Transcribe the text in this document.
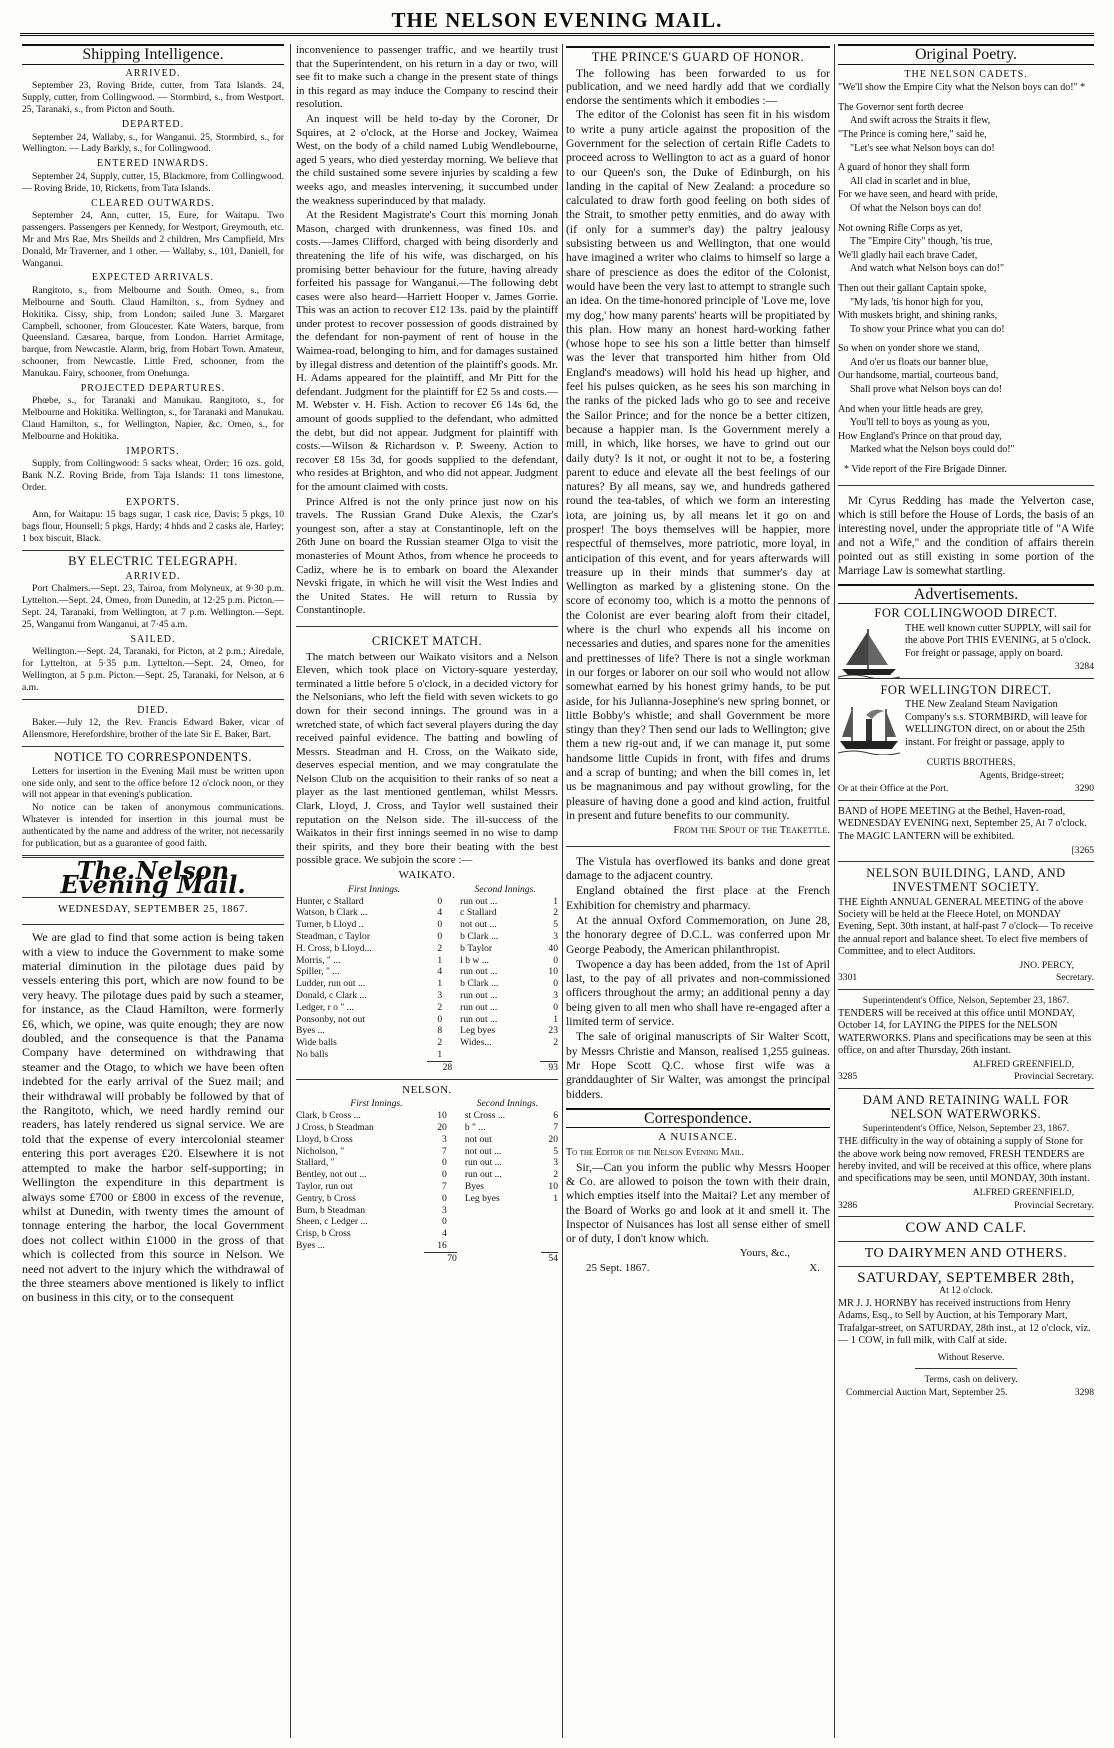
THE NELSON EVENING MAIL.
Shipping Intelligence.
ARRIVED.

September 23, Roving Bride, cutter, from Tata Islands. 24, Supply, cutter, from Collingwood. — Stormbird, s., from Westport. 25, Taranaki, s., from Picton and South.

DEPARTED.

September 24, Wallaby, s., for Wanganui. 25, Stormbird, s., for Wellington. — Lady Barkly, s., for Collingwood.

ENTERED INWARDS.

September 24, Supply, cutter, 15, Blackmore, from Collingwood. — Roving Bride, 10, Ricketts, from Tata Islands.

CLEARED OUTWARDS.

September 24, Ann, cutter, 15, Eure, for Waitapu. Two passengers. Passengers per Kennedy, for Westport, Greymouth, etc. Mr and Mrs Rae, Mrs Sheilds and 2 children, Mrs Campfield, Mrs Donald, Mr Traverner, and 1 other. — Wallaby, s., 101, Daniell, for Wanganui.

EXPECTED ARRIVALS.

Rangitoto, s., from Melbourne and South. Omeo, s., from Melbourne and South. Claud Hamilton, s., from Sydney and Hokitika. Cissy, ship, from London; sailed June 3. Margaret Campbell, schooner, from Gloucester. Kate Waters, barque, from Queensland. Cæsarea, barque, from London. Harriet Armitage, barque, from Newcastle. Alarm, brig, from Hobart Town. Amateur, schooner, from Newcastle. Little Fred, schooner, from the Manukau. Fairy, schooner, from Onehunga.

PROJECTED DEPARTURES.

Phœbe, s., for Taranaki and Manukau. Rangitoto, s., for Melbourne and Hokitika. Wellington, s., for Taranaki and Manukau. Claud Hamilton, s., for Wellington, Napier, &c. Omeo, s., for Melbourne and Hokitika.

IMPORTS.

Supply, from Collingwood: 5 sacks wheat, Order; 16 ozs. gold, Bank N.Z. Roving Bride, from Taja Islands: 11 tons limestone, Order.

EXPORTS.

Ann, for Waitapu: 15 bags sugar, 1 cask rice, Davis; 5 pkgs, 10 bags flour, Hounsell; 5 pkgs, Hardy; 4 hhds and 2 casks ale, Harley; 1 box biscuit, Black.

BY ELECTRIC TELEGRAPH.
ARRIVED.

Port Chalmers.—Sept. 23, Tairoa, from Molyneux, at 9·30 p.m. Lyttelton.—Sept. 24, Omeo, from Dunedin, at 12·25 p.m. Picton.—Sept. 24, Taranaki, from Wellington, at 7 p.m. Wellington.—Sept. 25, Wanganui from Wanganui, at 7·45 a.m.

SAILED.

Wellington.—Sept. 24, Taranaki, for Picton, at 2 p.m.; Airedale, for Lyttelton, at 5·35 p.m. Lyttelton.—Sept. 24, Omeo, for Wellington, at 5 p.m. Picton.—Sept. 25, Taranaki, for Nelson, at 6 a.m.

DIED.

Baker.—July 12, the Rev. Francis Edward Baker, vicar of Allensmore, Herefordshire, brother of the late Sir E. Baker, Bart.

NOTICE TO CORRESPONDENTS.

Letters for insertion in the Evening Mail must be written upon one side only, and sent to the office before 12 o'clock noon, or they will not appear in that evening's publication.

No notice can be taken of anonymous communications. Whatever is intended for insertion in this journal must be authenticated by the name and address of the writer, not necessarily for publication, but as a guarantee of good faith.

The Nelson Evening Mail.
WEDNESDAY, SEPTEMBER 25, 1867.

We are glad to find that some action is being taken with a view to induce the Government to make some material diminution in the pilotage dues paid by vessels entering this port, which are now found to be very heavy. The pilotage dues paid by such a steamer, for instance, as the Claud Hamilton, were formerly £6, which, we opine, was quite enough; they are now doubled, and the consequence is that the Panama Company have determined on withdrawing that steamer and the Otago, to which we have been often indebted for the early arrival of the Suez mail; and their withdrawal will probably be followed by that of the Rangitoto, which, we need hardly remind our readers, has lately rendered us signal service. We are told that the expense of every intercolonial steamer entering this port averages £20. Elsewhere it is not attempted to make the harbor self-supporting; in Wellington the expenditure in this department is always some £700 or £800 in excess of the revenue, whilst at Dunedin, with twenty times the amount of tonnage entering the harbor, the local Government does not collect within £1000 in the gross of that which is collected from this source in Nelson. We need not advert to the injury which the withdrawal of the three steamers above mentioned is likely to inflict on business in this city, or to the consequent

inconvenience to passenger traffic, and we heartily trust that the Superintendent, on his return in a day or two, will see fit to make such a change in the present state of things in this regard as may induce the Company to rescind their resolution.

An inquest will be held to-day by the Coroner, Dr Squires, at 2 o'clock, at the Horse and Jockey, Waimea West, on the body of a child named Lubig Wendlebourne, aged 5 years, who died yesterday morning. We believe that the child sustained some severe injuries by scalding a few weeks ago, and measles intervening, it succumbed under the weakness superinduced by that malady.

At the Resident Magistrate's Court this morning Jonah Mason, charged with drunkenness, was fined 10s. and costs.—James Clifford, charged with being disorderly and threatening the life of his wife, was discharged, on his promising better behaviour for the future, having already forfeited his passage for Wanganui.—The following debt cases were also heard—Harriett Hooper v. James Gorrie. This was an action to recover £12 13s. paid by the plaintiff under protest to recover possession of goods distrained by the defendant for non-payment of rent of house in the Waimea-road, belonging to him, and for damages sustained by illegal distress and detention of the plaintiff's goods. Mr. H. Adams appeared for the plaintiff, and Mr Pitt for the defendant. Judgment for the plaintiff for £2 5s and costs.—M. Webster v. H. Fish. Action to recover £6 14s 6d, the amount of goods supplied to the defendant, who admitted the debt, but did not appear. Judgment for plaintiff with costs.—Wilson & Richardson v. P. Sweeny. Action to recover £8 15s 3d, for goods supplied to the defendant, who resides at Brighton, and who did not appear. Judgment for the amount claimed with costs.

Prince Alfred is not the only prince just now on his travels. The Russian Grand Duke Alexis, the Czar's youngest son, after a stay at Constantinople, left on the 26th June on board the Russian steamer Olga to visit the monasteries of Mount Athos, from whence he proceeds to Cadiz, where he is to embark on board the Alexander Nevski frigate, in which he will visit the West Indies and the United States. He will return to Russia by Constantinople.

CRICKET MATCH.

The match between our Waikato visitors and a Nelson Eleven, which took place on Victory-square yesterday, terminated a little before 5 o'clock, in a decided victory for the Nelsonians, who left the field with seven wickets to go down for their second innings. The ground was in a wretched state, of which fact several players during the day received painful evidence. The batting and bowling of Messrs. Steadman and H. Cross, on the Waikato side, deserves especial mention, and we may congratulate the Nelson Club on the acquisition to their ranks of so neat a player as the last mentioned gentleman, whilst Messrs. Clark, Lloyd, J. Cross, and Taylor well sustained their reputation on the Nelson side. The ill-success of the Waikatos in their first innings seemed in no wise to damp their spirits, and they bore their beating with the best possible grace. We subjoin the score :—

WAIKATO.
First Innings.		Second Innings.	
Hunter, c Stallard	0	run out ...	1
Watson, b Clark ...	4	c Stallard	2
Turner, b Lloyd ..	0	not out ...	5
Steadman, c Taylor	0	b Clark ...	3
H. Cross, b Lloyd...	2	b Taylor	40
Morris, " ...	1	l b w ...	0
Spiller, " ...	4	run out ...	10
Ludder, run out ...	1	b Clark ...	0
Donald, c Clark ...	3	run out ...	3
Ledger, r o " ...	2	run out ...	0
Ponsonby, not out	0	run out ...	1
Byes ...	8	Leg byes	23
Wide balls	2	Wides...	2
No balls	1		
	28		93
NELSON.
First Innings.		Second Innings.	
Clark, b Cross ...	10	st Cross ...	6
J Cross, b Steadman	20	b " ...	7
Lloyd, b Cross	3	not out	20
Nicholson, "	7	not out ...	5
Stallard, "	0	run out ...	3
Bentley, not out ...	0	run out ...	2
Taylor, run out	7	Byes	10
Gentry, b Cross	0	Leg byes	1
Burn, b Steadman	3		
Sheen, c Ledger ...	0		
Crisp, b Cross	4		
Byes ...	16		
	70		54
THE PRINCE'S GUARD OF HONOR.

The following has been forwarded to us for publication, and we need hardly add that we cordially endorse the sentiments which it embodies :—

The editor of the Colonist has seen fit in his wisdom to write a puny article against the proposition of the Government for the selection of certain Rifle Cadets to proceed across to Wellington to act as a guard of honor to our Queen's son, the Duke of Edinburgh, on his landing in the capital of New Zealand: a procedure so calculated to draw forth good feeling on both sides of the Strait, to smother petty enmities, and do away with (if only for a summer's day) the paltry jealousy subsisting between us and Wellington, that one would have imagined a writer who claims to himself so large a share of prescience as does the editor of the Colonist, would have been the very last to attempt to strangle such an idea. On the time-honored principle of 'Love me, love my dog,' how many parents' hearts will be propitiated by this plan. How many an honest hard-working father (whose hope to see his son a little better than himself was the lever that transported him hither from Old England's meadows) will hold his head up higher, and feel his pulses quicken, as he sees his son marching in the ranks of the picked lads who go to see and receive the Sailor Prince; and for the nonce be a better citizen, because a happier man. Is the Government merely a mill, in which, like horses, we have to grind out our daily duty? Is it not, or ought it not to be, a fostering parent to educe and elevate all the best feelings of our natures? By all means, say we, and hundreds gathered round the tea-tables, of which we form an interesting iota, are joining us, by all means let it go on and prosper! The boys themselves will be happier, more respectful of themselves, more patriotic, more loyal, in anticipation of this event, and for years afterwards will treasure up in their minds that summer's day at Wellington as marked by a glistening stone. On the score of economy too, which is a motto the pennons of the Colonist are ever bearing aloft from their citadel, where is the churl who expends all his income on necessaries and duties, and spares none for the amenities and prettinesses of life? There is not a single workman in our forges or laborer on our soil who would not allow somewhat earned by his honest grimy hands, to be put aside, for his Julianna-Josephine's new spring bonnet, or little Bobby's whistle; and shall Government be more stingy than they? Then send our lads to Wellington; give them a new rig-out and, if we can manage it, put some handsome little Cupids in front, with fifes and drums and a scrap of bunting; and when the bill comes in, let us be magnanimous and pay without growling, for the pleasure of having done a good and kind action, fruitful in present and future benefits to our community.

From the Spout of the Teakettle.

The Vistula has overflowed its banks and done great damage to the adjacent country.

England obtained the first place at the French Exhibition for chemistry and pharmacy.

At the annual Oxford Commemoration, on June 28, the honorary degree of D.C.L. was conferred upon Mr George Peabody, the American philanthropist.

Twopence a day has been added, from the 1st of April last, to the pay of all privates and non-commissioned officers throughout the army; an additional penny a day being given to all men who shall have re-engaged after a limited term of service.

The sale of original manuscripts of Sir Walter Scott, by Messrs Christie and Manson, realised 1,255 guineas. Mr Hope Scott Q.C. whose first wife was a granddaughter of Sir Walter, was amongst the principal bidders.

Correspondence.
A NUISANCE.

To the Editor of the Nelson Evening Mail.

Sir,—Can you inform the public why Messrs Hooper & Co. are allowed to poison the town with their drain, which empties itself into the Maitai? Let any member of the Board of Works go and look at it and smell it. The Inspector of Nuisances has lost all sense either of smell or of duty, I don't know which.

Yours, &c.,

25 Sept. 1867.	X.
Original Poetry.
THE NELSON CADETS.

"We'll show the Empire City what the Nelson boys can do!" *

The Governor sent forth decree

And swift across the Straits it flew,

"The Prince is coming here," said he,

"Let's see what Nelson boys can do!

A guard of honor they shall form

All clad in scarlet and in blue,

For we have seen, and heard with pride,

Of what the Nelson boys can do!

Not owning Rifle Corps as yet,

The "Empire City" though, 'tis true,

We'll gladly hail each brave Cadet,

And watch what Nelson boys can do!"

Then out their gallant Captain spoke,

"My lads, 'tis honor high for you,

With muskets bright, and shining ranks,

To show your Prince what you can do!

So when on yonder shore we stand,

And o'er us floats our banner blue,

Our handsome, martial, courteous band,

Shall prove what Nelson boys can do!

And when your little heads are grey,

You'll tell to boys as young as you,

How England's Prince on that proud day,

Marked what the Nelson boys could do!"

* Vide report of the Fire Brigade Dinner.

Mr Cyrus Redding has made the Yelverton case, which is still before the House of Lords, the basis of an interesting novel, under the appropriate title of "A Wife and not a Wife," and the condition of affairs therein pointed out as still existing in some portion of the Marriage Law is somewhat startling.

Advertisements.
FOR COLLINGWOOD DIRECT.

THE well known cutter SUPPLY, will sail for the above Port THIS EVENING, at 5 o'clock. For freight or passage, apply on board.

3284

FOR WELLINGTON DIRECT.

THE New Zealand Steam Navigation Company's s.s. STORMBIRD, will leave for WELLINGTON direct, on or about the 25th instant. For freight or passage, apply to

CURTIS BROTHERS,

Agents, Bridge-street;

Or at their Office at the Port.	3290

BAND of HOPE MEETING at the Bethel, Haven-road, WEDNESDAY EVENING next, September 25, At 7 o'clock. The MAGIC LANTERN will be exhibited.

[3265

NELSON BUILDING, LAND, AND INVESTMENT SOCIETY.

THE Eighth ANNUAL GENERAL MEETING of the above Society will be held at the Fleece Hotel, on MONDAY Evening, Sept. 30th instant, at half-past 7 o'clock— To receive the annual report and balance sheet. To elect five members of Committee, and to elect Auditors.

JNO. PERCY,

3301	Secretary.

Superintendent's Office, Nelson, September 23, 1867.

TENDERS will be received at this office until MONDAY, October 14, for LAYING the PIPES for the NELSON WATERWORKS. Plans and specifications may be seen at this office, on and after Thursday, 26th instant.

ALFRED GREENFIELD,

3285	Provincial Secretary.
DAM AND RETAINING WALL FOR NELSON WATERWORKS.

Superintendent's Office, Nelson, September 23, 1867.

THE difficulty in the way of obtaining a supply of Stone for the above work being now removed, FRESH TENDERS are hereby invited, and will be received at this office, where plans and specifications may be seen, until MONDAY, 30th instant.

ALFRED GREENFIELD,

3286	Provincial Secretary.
COW AND CALF.
TO DAIRYMEN AND OTHERS.
SATURDAY, SEPTEMBER 28th,

At 12 o'clock.

MR J. J. HORNBY has received instructions from Henry Adams, Esq., to Sell by Auction, at his Temporary Mart, Trafalgar-street, on SATURDAY, 28th inst., at 12 o'clock, viz.— 1 COW, in full milk, with Calf at side.

Without Reserve.

Terms, cash on delivery.

Commercial Auction Mart, September 25.	3298
